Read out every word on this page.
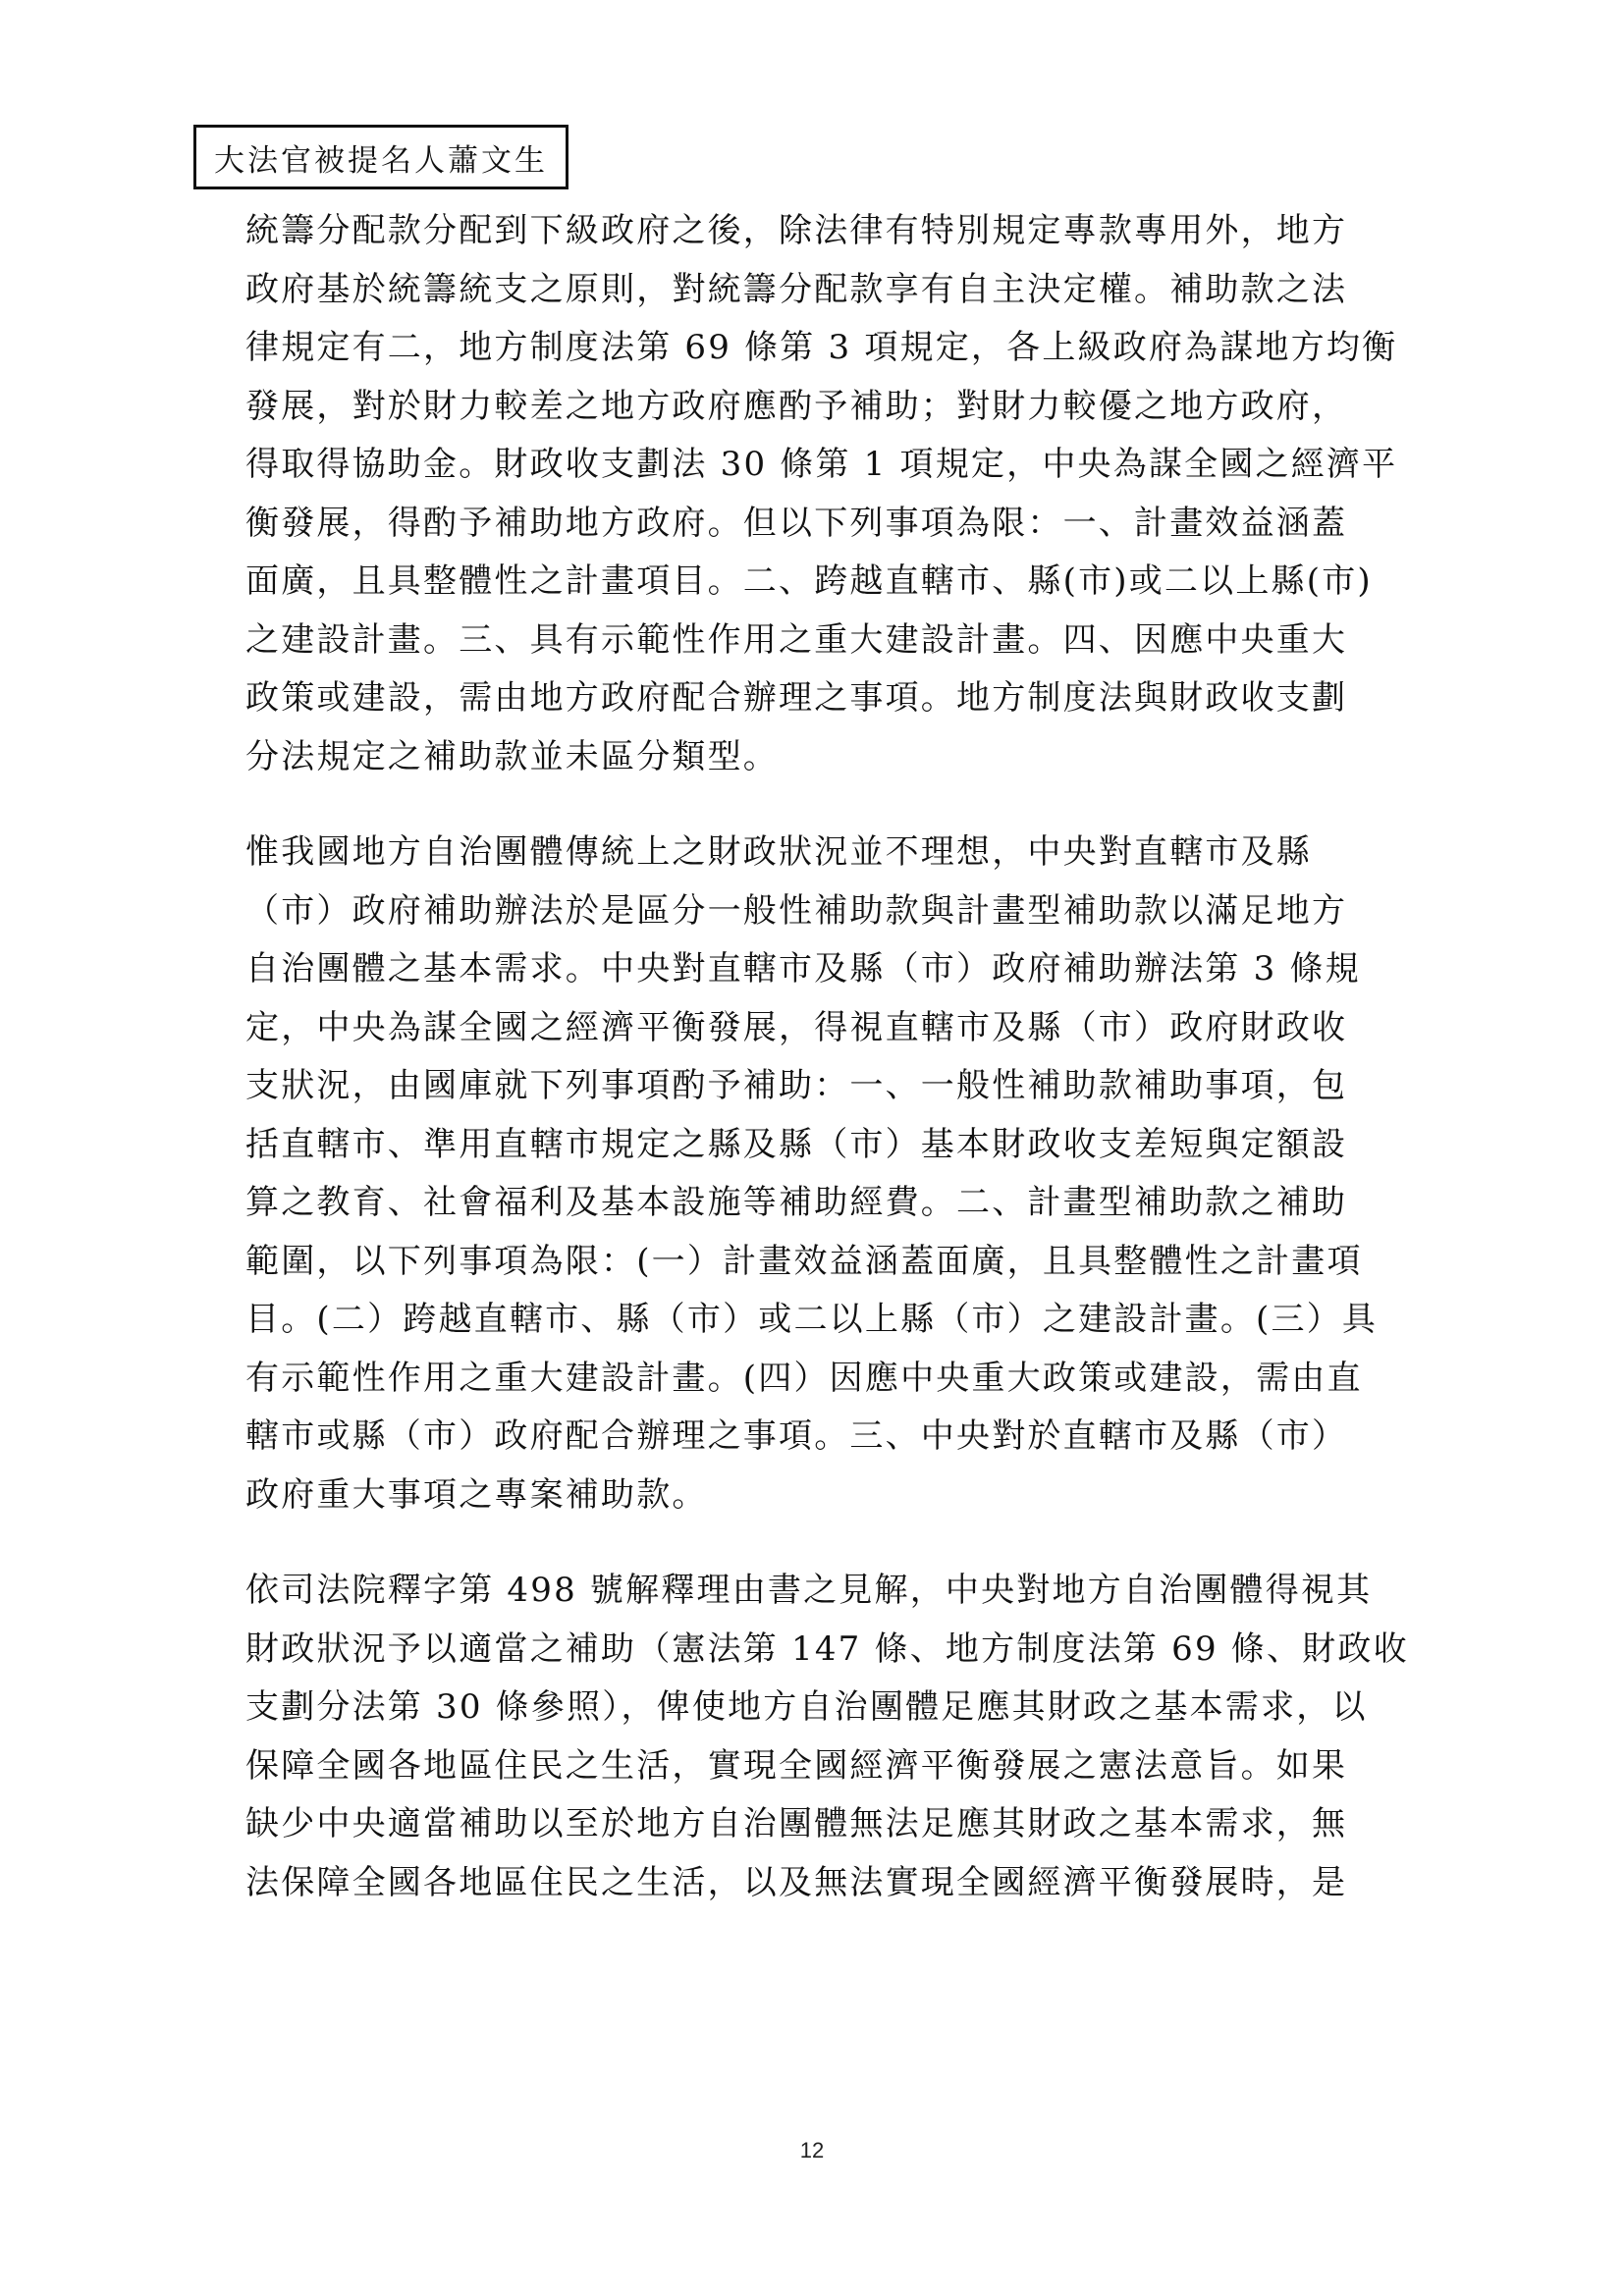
大法官被提名人蕭文生
統籌分配款分配到下級政府之後，除法律有特別規定專款專用外，地方
政府基於統籌統支之原則，對統籌分配款享有自主決定權。補助款之法
律規定有二，地方制度法第 69 條第 3 項規定，各上級政府為謀地方均衡
發展，對於財力較差之地方政府應酌予補助；對財力較優之地方政府，
得取得協助金。財政收支劃法 30 條第 1 項規定，中央為謀全國之經濟平
衡發展，得酌予補助地方政府。但以下列事項為限：一、計畫效益涵蓋
面廣，且具整體性之計畫項目。二、跨越直轄市、縣(市)或二以上縣(市)
之建設計畫。三、具有示範性作用之重大建設計畫。四、因應中央重大
政策或建設，需由地方政府配合辦理之事項。地方制度法與財政收支劃
分法規定之補助款並未區分類型。
惟我國地方自治團體傳統上之財政狀況並不理想，中央對直轄市及縣
（市）政府補助辦法於是區分一般性補助款與計畫型補助款以滿足地方
自治團體之基本需求。中央對直轄市及縣（市）政府補助辦法第 3 條規
定，中央為謀全國之經濟平衡發展，得視直轄市及縣（市）政府財政收
支狀況，由國庫就下列事項酌予補助：一、一般性補助款補助事項，包
括直轄市、準用直轄市規定之縣及縣（市）基本財政收支差短與定額設
算之教育、社會福利及基本設施等補助經費。二、計畫型補助款之補助
範圍，以下列事項為限：(一）計畫效益涵蓋面廣，且具整體性之計畫項
目。(二）跨越直轄市、縣（市）或二以上縣（市）之建設計畫。(三）具
有示範性作用之重大建設計畫。(四）因應中央重大政策或建設，需由直
轄市或縣（市）政府配合辦理之事項。三、中央對於直轄市及縣（市）
政府重大事項之專案補助款。
依司法院釋字第 498 號解釋理由書之見解，中央對地方自治團體得視其
財政狀況予以適當之補助（憲法第 147 條、地方制度法第 69 條、財政收
支劃分法第 30 條參照），俾使地方自治團體足應其財政之基本需求，以
保障全國各地區住民之生活，實現全國經濟平衡發展之憲法意旨。如果
缺少中央適當補助以至於地方自治團體無法足應其財政之基本需求，無
法保障全國各地區住民之生活，以及無法實現全國經濟平衡發展時，是
12
